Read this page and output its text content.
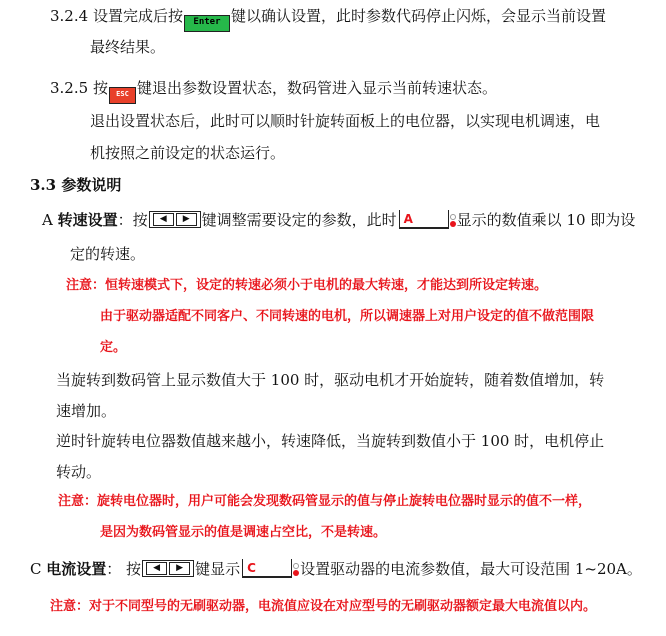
3.2.4 设置完成后按 Enter 键以确认设置，此时参数代码停止闪烁，会显示当前设置
最终结果。
3.2.5 按 ESC 键退出参数设置状态，数码管进入显示当前转速状态。
退出设置状态后，此时可以顺时针旋转面板上的电位器，以实现电机调速，电
机按照之前设定的状态运行。
3.3 参数说明
A 转速设置：按	◀	▶ 键调整需要设定的参数，此时 A	显示的数值乘以 10 即为设
定的转速。
注意：恒转速模式下，设定的转速必须小于电机的最大转速，才能达到所设定转速。
由于驱动器适配不同客户、不同转速的电机，所以调速器上对用户设定的值不做范围限
定。
当旋转到数码管上显示数值大于 100 时，驱动电机才开始旋转，随着数值增加，转
速增加。
逆时针旋转电位器数值越来越小，转速降低，当旋转到数值小于 100 时，电机停止
转动。
注意：旋转电位器时，用户可能会发现数码管显示的值与停止旋转电位器时显示的值不一样，
是因为数码管显示的值是调速占空比，不是转速。
C 电流设置： 按	◀	▶ 键显示 C	设置驱动器的电流参数值，最大可设范围 1~20A。
注意：对于不同型号的无刷驱动器，电流值应设在对应型号的无刷驱动器额定最大电流值以内。
